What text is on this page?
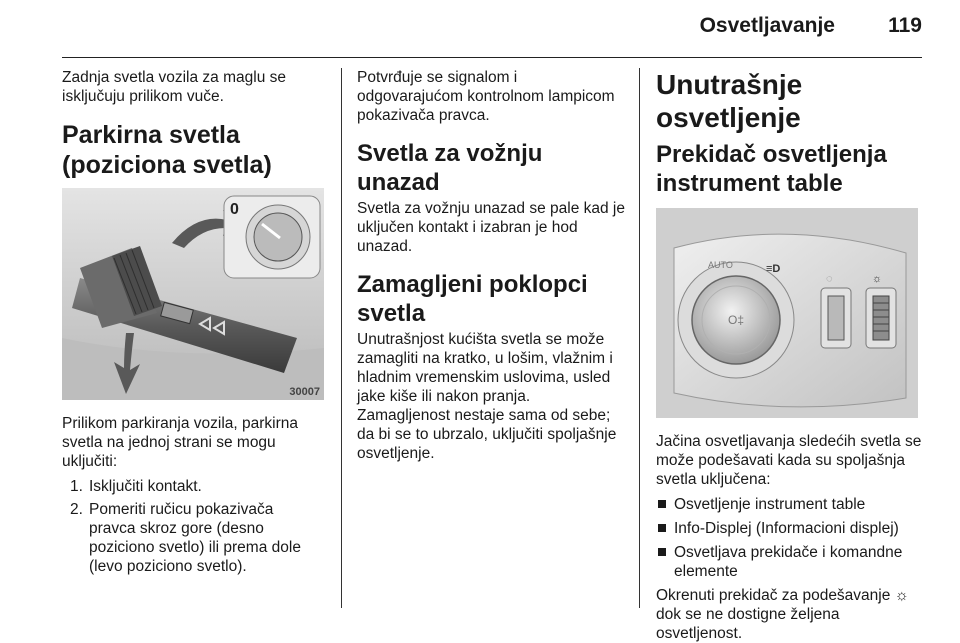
Osvetljavanje	119

Zadnja svetla vozila za maglu se isključuju prilikom vuče.

Parkirna svetla (poziciona svetla)
0
30007

Prilikom parkiranja vozila, parkirna svetla na jednoj strani se mogu uključiti:

1. Isključiti kontakt.
2. Pomeriti ručicu pokazivača pravca skroz gore (desno poziciono svetlo) ili prema dole (levo poziciono svetlo).

Potvrđuje se signalom i odgovarajućom kontrolnom lampicom pokazivača pravca.

Svetla za vožnju unazad

Svetla za vožnju unazad se pale kad je uključen kontakt i izabran je hod unazad.

Zamagljeni poklopci svetla

Unutrašnjost kućišta svetla se može zamagliti na kratko, u lošim, vlažnim i hladnim vremenskim uslovima, usled jake kiše ili nakon pranja.

Zamagljenost nestaje sama od sebe; da bi se to ubrzalo, uključiti spoljašnje osvetljenje.

Unutrašnje osvetljenje
Prekidač osvetljenja instrument table
O‡
AUTO	≡D
◌	☼

Jačina osvetljavanja sledećih svetla se može podešavati kada su spoljašnja svetla uključena:

Osvetljenje instrument table
Info-Displej (Informacioni displej)
Osvetljava prekidače i komandne elemente

Okrenuti prekidač za podešavanje ☼ dok se ne dostigne željena osvetljenost.
